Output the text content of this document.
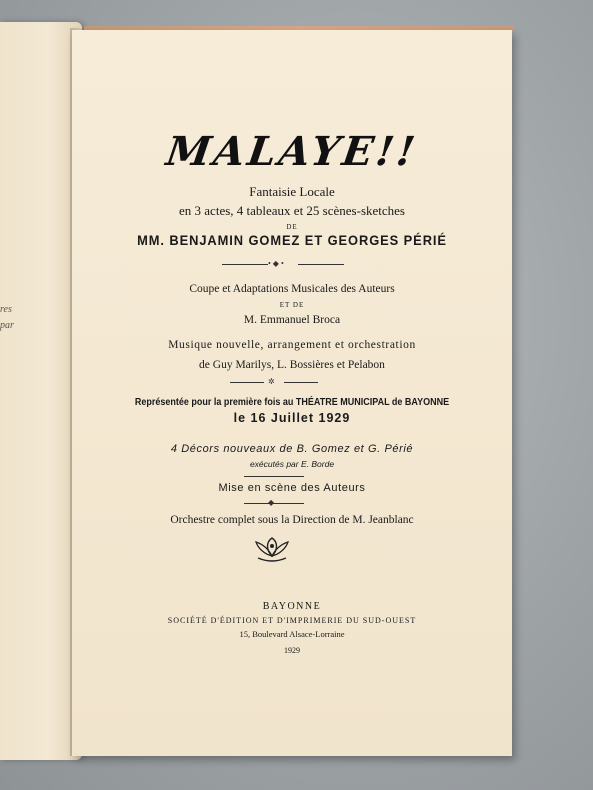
res
par
MALAYE!!
Fantaisie Locale
en 3 actes, 4 tableaux et 25 scènes-sketches
DE
MM. BENJAMIN GOMEZ ET GEORGES PÉRIÉ
• ◆ •
Coupe et Adaptations Musicales des Auteurs
ET DE
M. Emmanuel Broca
Musique nouvelle, arrangement et orchestration
de Guy Marilys, L. Bossières et Pelabon
✲
Représentée pour la première fois au THÉATRE MUNICIPAL de BAYONNE
le 16 Juillet 1929
4 Décors nouveaux de B. Gomez et G. Périé
exécutés par E. Borde
Mise en scène des Auteurs
◆
Orchestre complet sous la Direction de M. Jeanblanc
BAYONNE
SOCIÉTÉ D'ÉDITION ET D'IMPRIMERIE DU SUD-OUEST
15, Boulevard Alsace-Lorraine
1929
